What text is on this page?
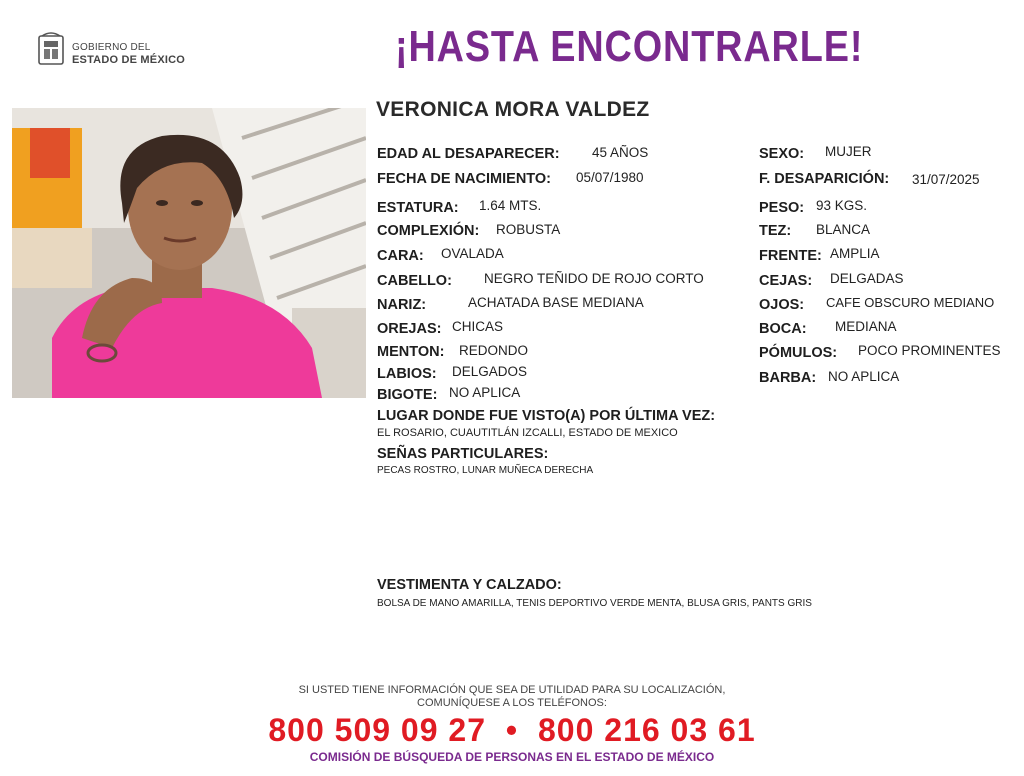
GOBIERNO DEL
ESTADO DE MÉXICO	¡HASTA ENCONTRARLE!
VERONICA MORA VALDEZ
EDAD AL DESAPARECER: 45 AÑOS
FECHA DE NACIMIENTO: 05/07/1980
ESTATURA: 1.64 MTS.
COMPLEXIÓN: ROBUSTA
CARA: OVALADA
CABELLO: NEGRO TEÑIDO DE ROJO CORTO
NARIZ:	ACHATADA BASE MEDIANA
OREJAS: CHICAS
MENTON: REDONDO
LABIOS: DELGADOS
BIGOTE: NO APLICA
SEXO: MUJER
F. DESAPARICIÓN: 31/07/2025
PESO: 93 KGS.
TEZ: BLANCA
FRENTE: AMPLIA
CEJAS: DELGADAS
OJOS: CAFE OBSCURO MEDIANO
BOCA: MEDIANA
PÓMULOS: POCO PROMINENTES
BARBA: NO APLICA
LUGAR DONDE FUE VISTO(A) POR ÚLTIMA VEZ:
EL ROSARIO, CUAUTITLÁN IZCALLI, ESTADO DE MEXICO
SEÑAS PARTICULARES:
PECAS ROSTRO, LUNAR MUÑECA DERECHA
VESTIMENTA Y CALZADO:
BOLSA DE MANO AMARILLA, TENIS DEPORTIVO VERDE MENTA, BLUSA GRIS, PANTS GRIS
SI USTED TIENE INFORMACIÓN QUE SEA DE UTILIDAD PARA SU LOCALIZACIÓN,
COMUNÍQUESE A LOS TELÉFONOS:
800 509 09 27 • 800 216 03 61
COMISIÓN DE BÚSQUEDA DE PERSONAS EN EL ESTADO DE MÉXICO
